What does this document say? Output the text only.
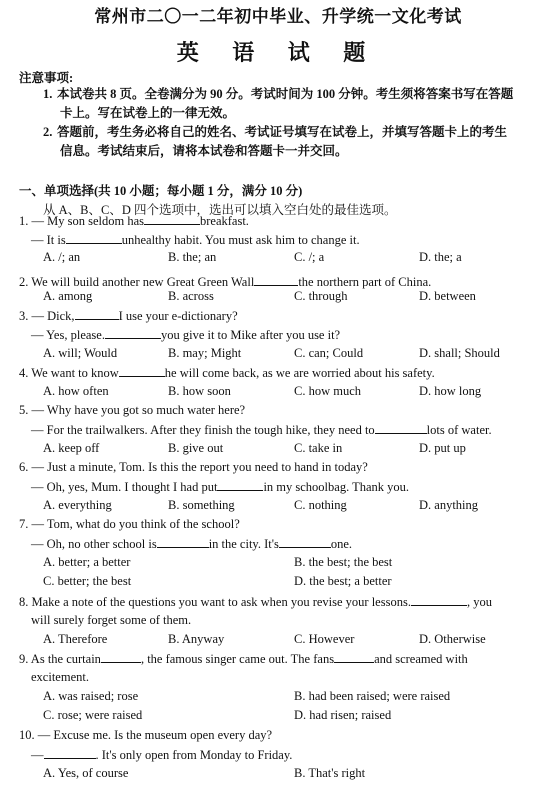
常州市二〇一二年初中毕业、升学统一文化考试
英 语 试 题
注意事项:
1. 本试卷共 8 页。全卷满分为 90 分。考试时间为 100 分钟。考生须将答案书写在答题
卡上。写在试卷上的一律无效。
2. 答题前，考生务必将自己的姓名、考试证号填写在试卷上，并填写答题卡上的考生
信息。考试结束后，请将本试卷和答题卡一并交回。
一、单项选择(共 10 小题；每小题 1 分，满分 10 分)
从 A、B、C、D 四个选项中，选出可以填入空白处的最佳选项。
1. — My son seldom has	breakfast.
— It is	unhealthy habit. You must ask him to change it.
A. /; an	B. the; an	C. /; a	D. the; a
2. We will build another new Great Green Wall	the northern part of China.
A. among	B. across	C. through	D. between
3. — Dick,	I use your e-dictionary?
— Yes, please.	you give it to Mike after you use it?
A. will; Would	B. may; Might	C. can; Could	D. shall; Should
4. We want to know	he will come back, as we are worried about his safety.
A. how often	B. how soon	C. how much	D. how long
5. — Why have you got so much water here?
— For the trailwalkers. After they finish the tough hike, they need to	lots of water.
A. keep off	B. give out	C. take in	D. put up
6. — Just a minute, Tom. Is this the report you need to hand in today?
— Oh, yes, Mum. I thought I had put	in my schoolbag. Thank you.
A. everything	B. something	C. nothing	D. anything
7. — Tom, what do you think of the school?
— Oh, no other school is	in the city. It's	one.
A. better; a better	B. the best; the best
C. better; the best	D. the best; a better
8. Make a note of the questions you want to ask when you revise your lessons.	, you
will surely forget some of them.
A. Therefore	B. Anyway	C. However	D. Otherwise
9. As the curtain	, the famous singer came out. The fans	and screamed with
excitement.
A. was raised; rose	B. had been raised; were raised
C. rose; were raised	D. had risen; raised
10. — Excuse me. Is the museum open every day?
—	. It's only open from Monday to Friday.
A. Yes, of course	B. That's right
